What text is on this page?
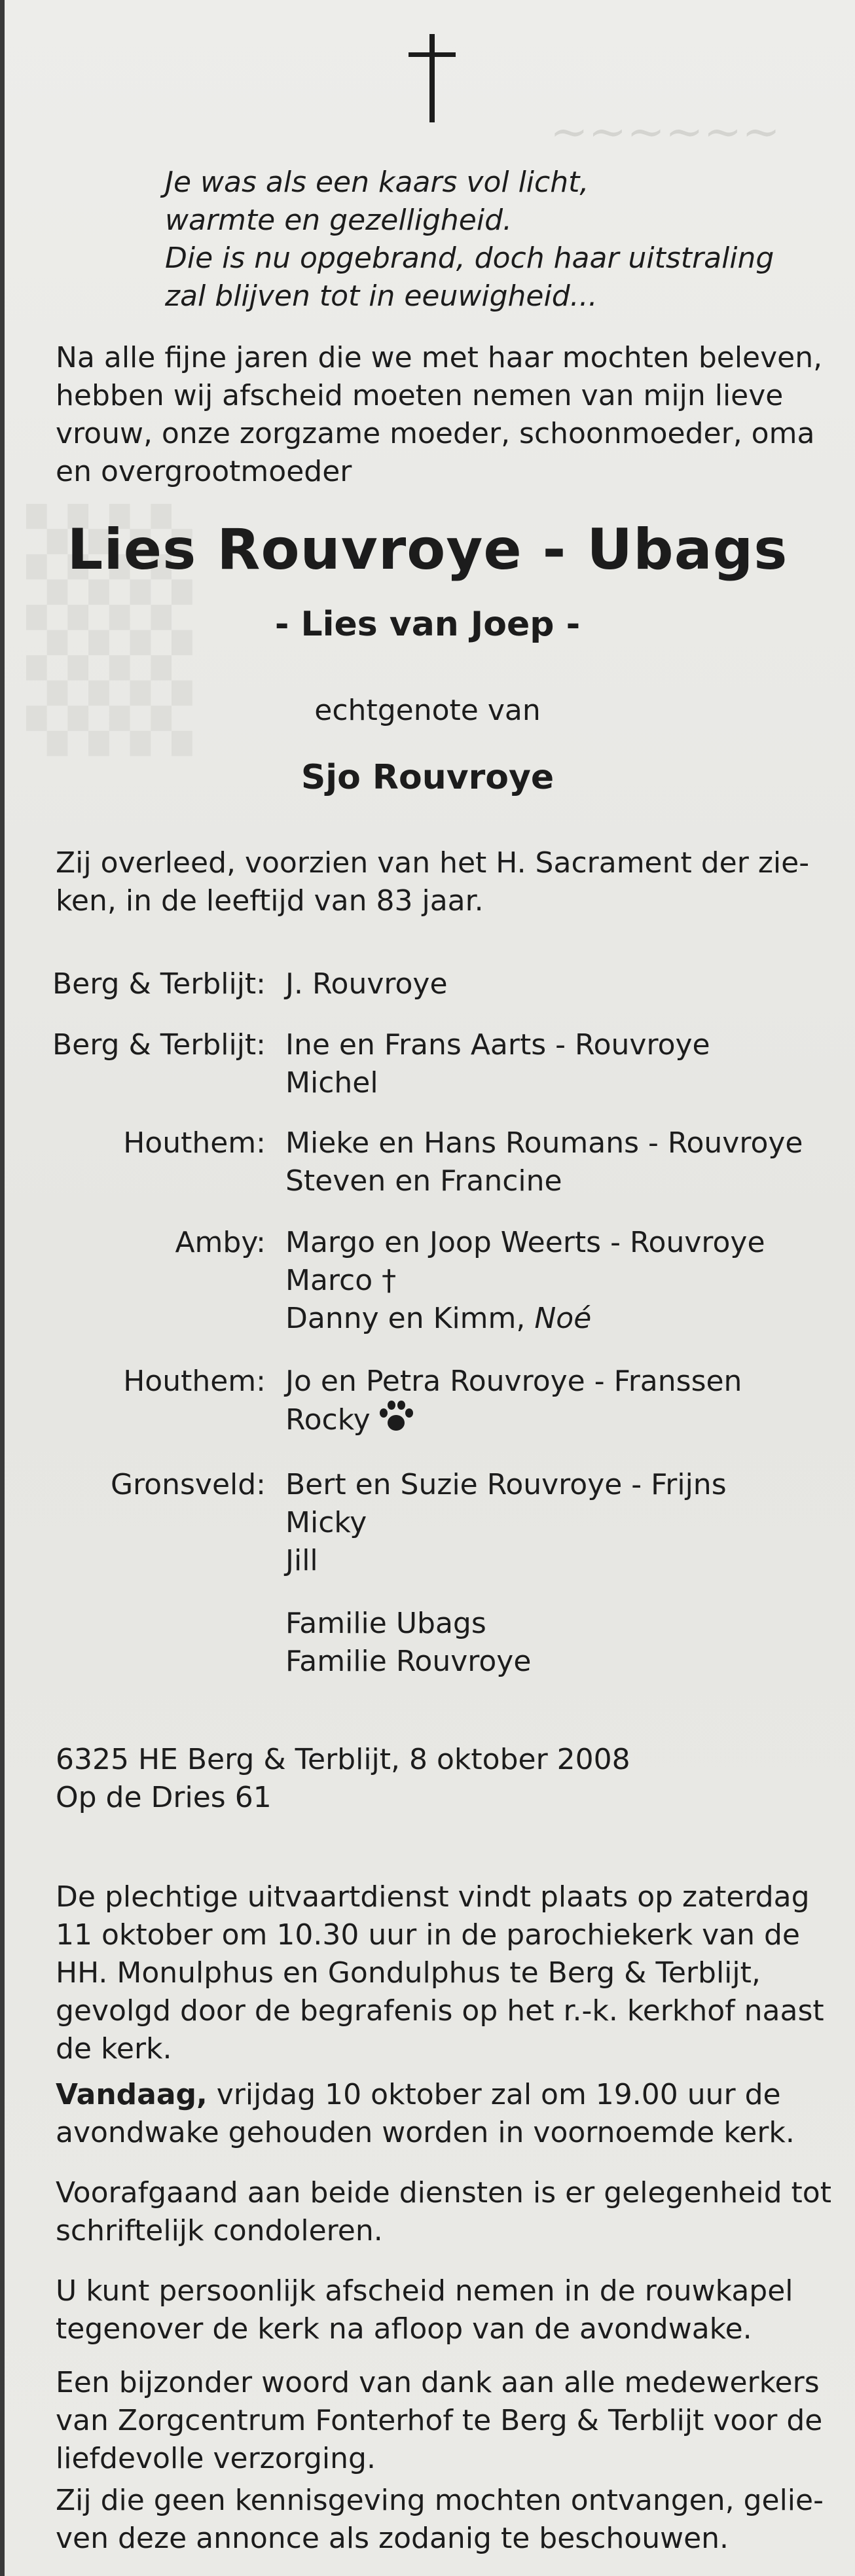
~~~~~~
▒
Je was als een kaars vol licht,
warmte en gezelligheid.
Die is nu opgebrand, doch haar uitstraling
zal blijven tot in eeuwigheid...
Na alle fijne jaren die we met haar mochten beleven,
hebben wij afscheid moeten nemen van mijn lieve
vrouw, onze zorgzame moeder, schoonmoeder, oma
en overgrootmoeder
Lies Rouvroye - Ubags
- Lies van Joep -
echtgenote van
Sjo Rouvroye
Zij overleed, voorzien van het H. Sacrament der zie-
ken, in de leeftijd van 83 jaar.
Berg & Terblijt: J. Rouvroye
Berg & Terblijt: Ine en Frans Aarts - Rouvroye
Michel
Houthem: Mieke en Hans Roumans - Rouvroye
Steven en Francine
Amby: Margo en Joop Weerts - Rouvroye
Marco †
Danny en Kimm, Noé
Houthem: Jo en Petra Rouvroye - Franssen
Rocky
Gronsveld: Bert en Suzie Rouvroye - Frijns
Micky
Jill
Familie Ubags
Familie Rouvroye
6325 HE Berg & Terblijt, 8 oktober 2008
Op de Dries 61
De plechtige uitvaartdienst vindt plaats op zaterdag
11 oktober om 10.30 uur in de parochiekerk van de
HH. Monulphus en Gondulphus te Berg & Terblijt,
gevolgd door de begrafenis op het r.-k. kerkhof naast
de kerk.
Vandaag, vrijdag 10 oktober zal om 19.00 uur de
avondwake gehouden worden in voornoemde kerk.
Voorafgaand aan beide diensten is er gelegenheid tot
schriftelijk condoleren.
U kunt persoonlijk afscheid nemen in de rouwkapel
tegenover de kerk na afloop van de avondwake.
Een bijzonder woord van dank aan alle medewerkers
van Zorgcentrum Fonterhof te Berg & Terblijt voor de
liefdevolle verzorging.
Zij die geen kennisgeving mochten ontvangen, gelie-
ven deze annonce als zodanig te beschouwen.
